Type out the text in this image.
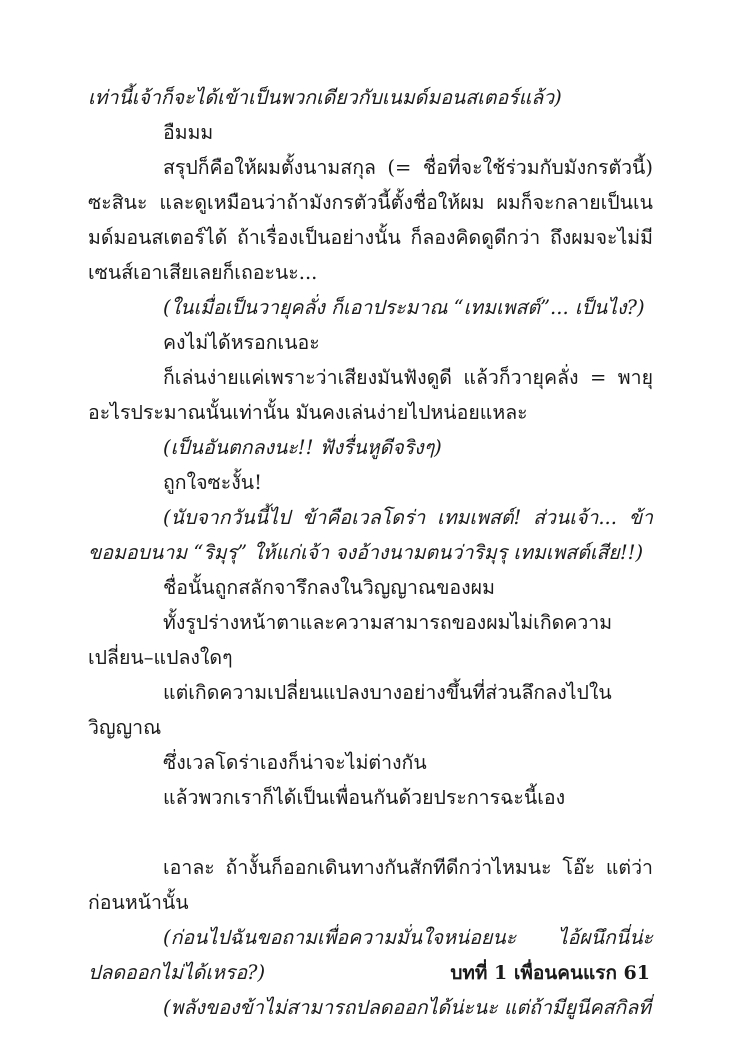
เท่านี้เจ้าก็จะได้เข้าเป็นพวกเดียวกับเนมด์มอนสเตอร์แล้ว)

อืมมม

สรุปก็คือให้ผมตั้งนามสกุล (= ชื่อที่จะใช้ร่วมกับมังกรตัวนี้) ซะสินะ และดูเหมือนว่าถ้ามังกรตัวนี้ตั้งชื่อให้ผม ผมก็จะกลายเป็นเนมด์มอนสเตอร์ได้ ถ้าเรื่องเป็นอย่างนั้น ก็ลองคิดดูดีกว่า ถึงผมจะไม่มีเซนส์เอาเสียเลยก็เถอะนะ...

(ในเมื่อเป็นวายุคลั่ง ก็เอาประมาณ “เทมเพสต์”... เป็นไง?)

คงไม่ได้หรอกเนอะ

ก็เล่นง่ายแค่เพราะว่าเสียงมันฟังดูดี แล้วก็วายุคลั่ง = พายุอะไรประมาณนั้นเท่านั้น มันคงเล่นง่ายไปหน่อยแหละ

(เป็นอันตกลงนะ!! ฟังรื่นหูดีจริงๆ)

ถูกใจซะงั้น!

(นับจากวันนี้ไป ข้าคือเวลโดร่า เทมเพสต์! ส่วนเจ้า... ข้าขอมอบนาม “ริมุรุ” ให้แก่เจ้า จงอ้างนามตนว่าริมุรุ เทมเพสต์เสีย!!)

ชื่อนั้นถูกสลักจารึกลงในวิญญาณของผม

ทั้งรูปร่างหน้าตาและความสามารถของผมไม่เกิดความเปลี่ยน–แปลงใดๆ

แต่เกิดความเปลี่ยนแปลงบางอย่างขึ้นที่ส่วนลึกลงไปในวิญญาณ

ซึ่งเวลโดร่าเองก็น่าจะไม่ต่างกัน

แล้วพวกเราก็ได้เป็นเพื่อนกันด้วยประการฉะนี้เอง

เอาละ ถ้างั้นก็ออกเดินทางกันสักทีดีกว่าไหมนะ โอ๊ะ แต่ว่าก่อนหน้านั้น

(ก่อนไปฉันขอถามเพื่อความมั่นใจหน่อยนะ ไอ้ผนึกนี่น่ะ ปลดออกไม่ได้เหรอ?)

(พลังของข้าไม่สามารถปลดออกได้น่ะนะ แต่ถ้ามียูนีคสกิลที่

บทที่ 1 เพื่อนคนแรก 61
